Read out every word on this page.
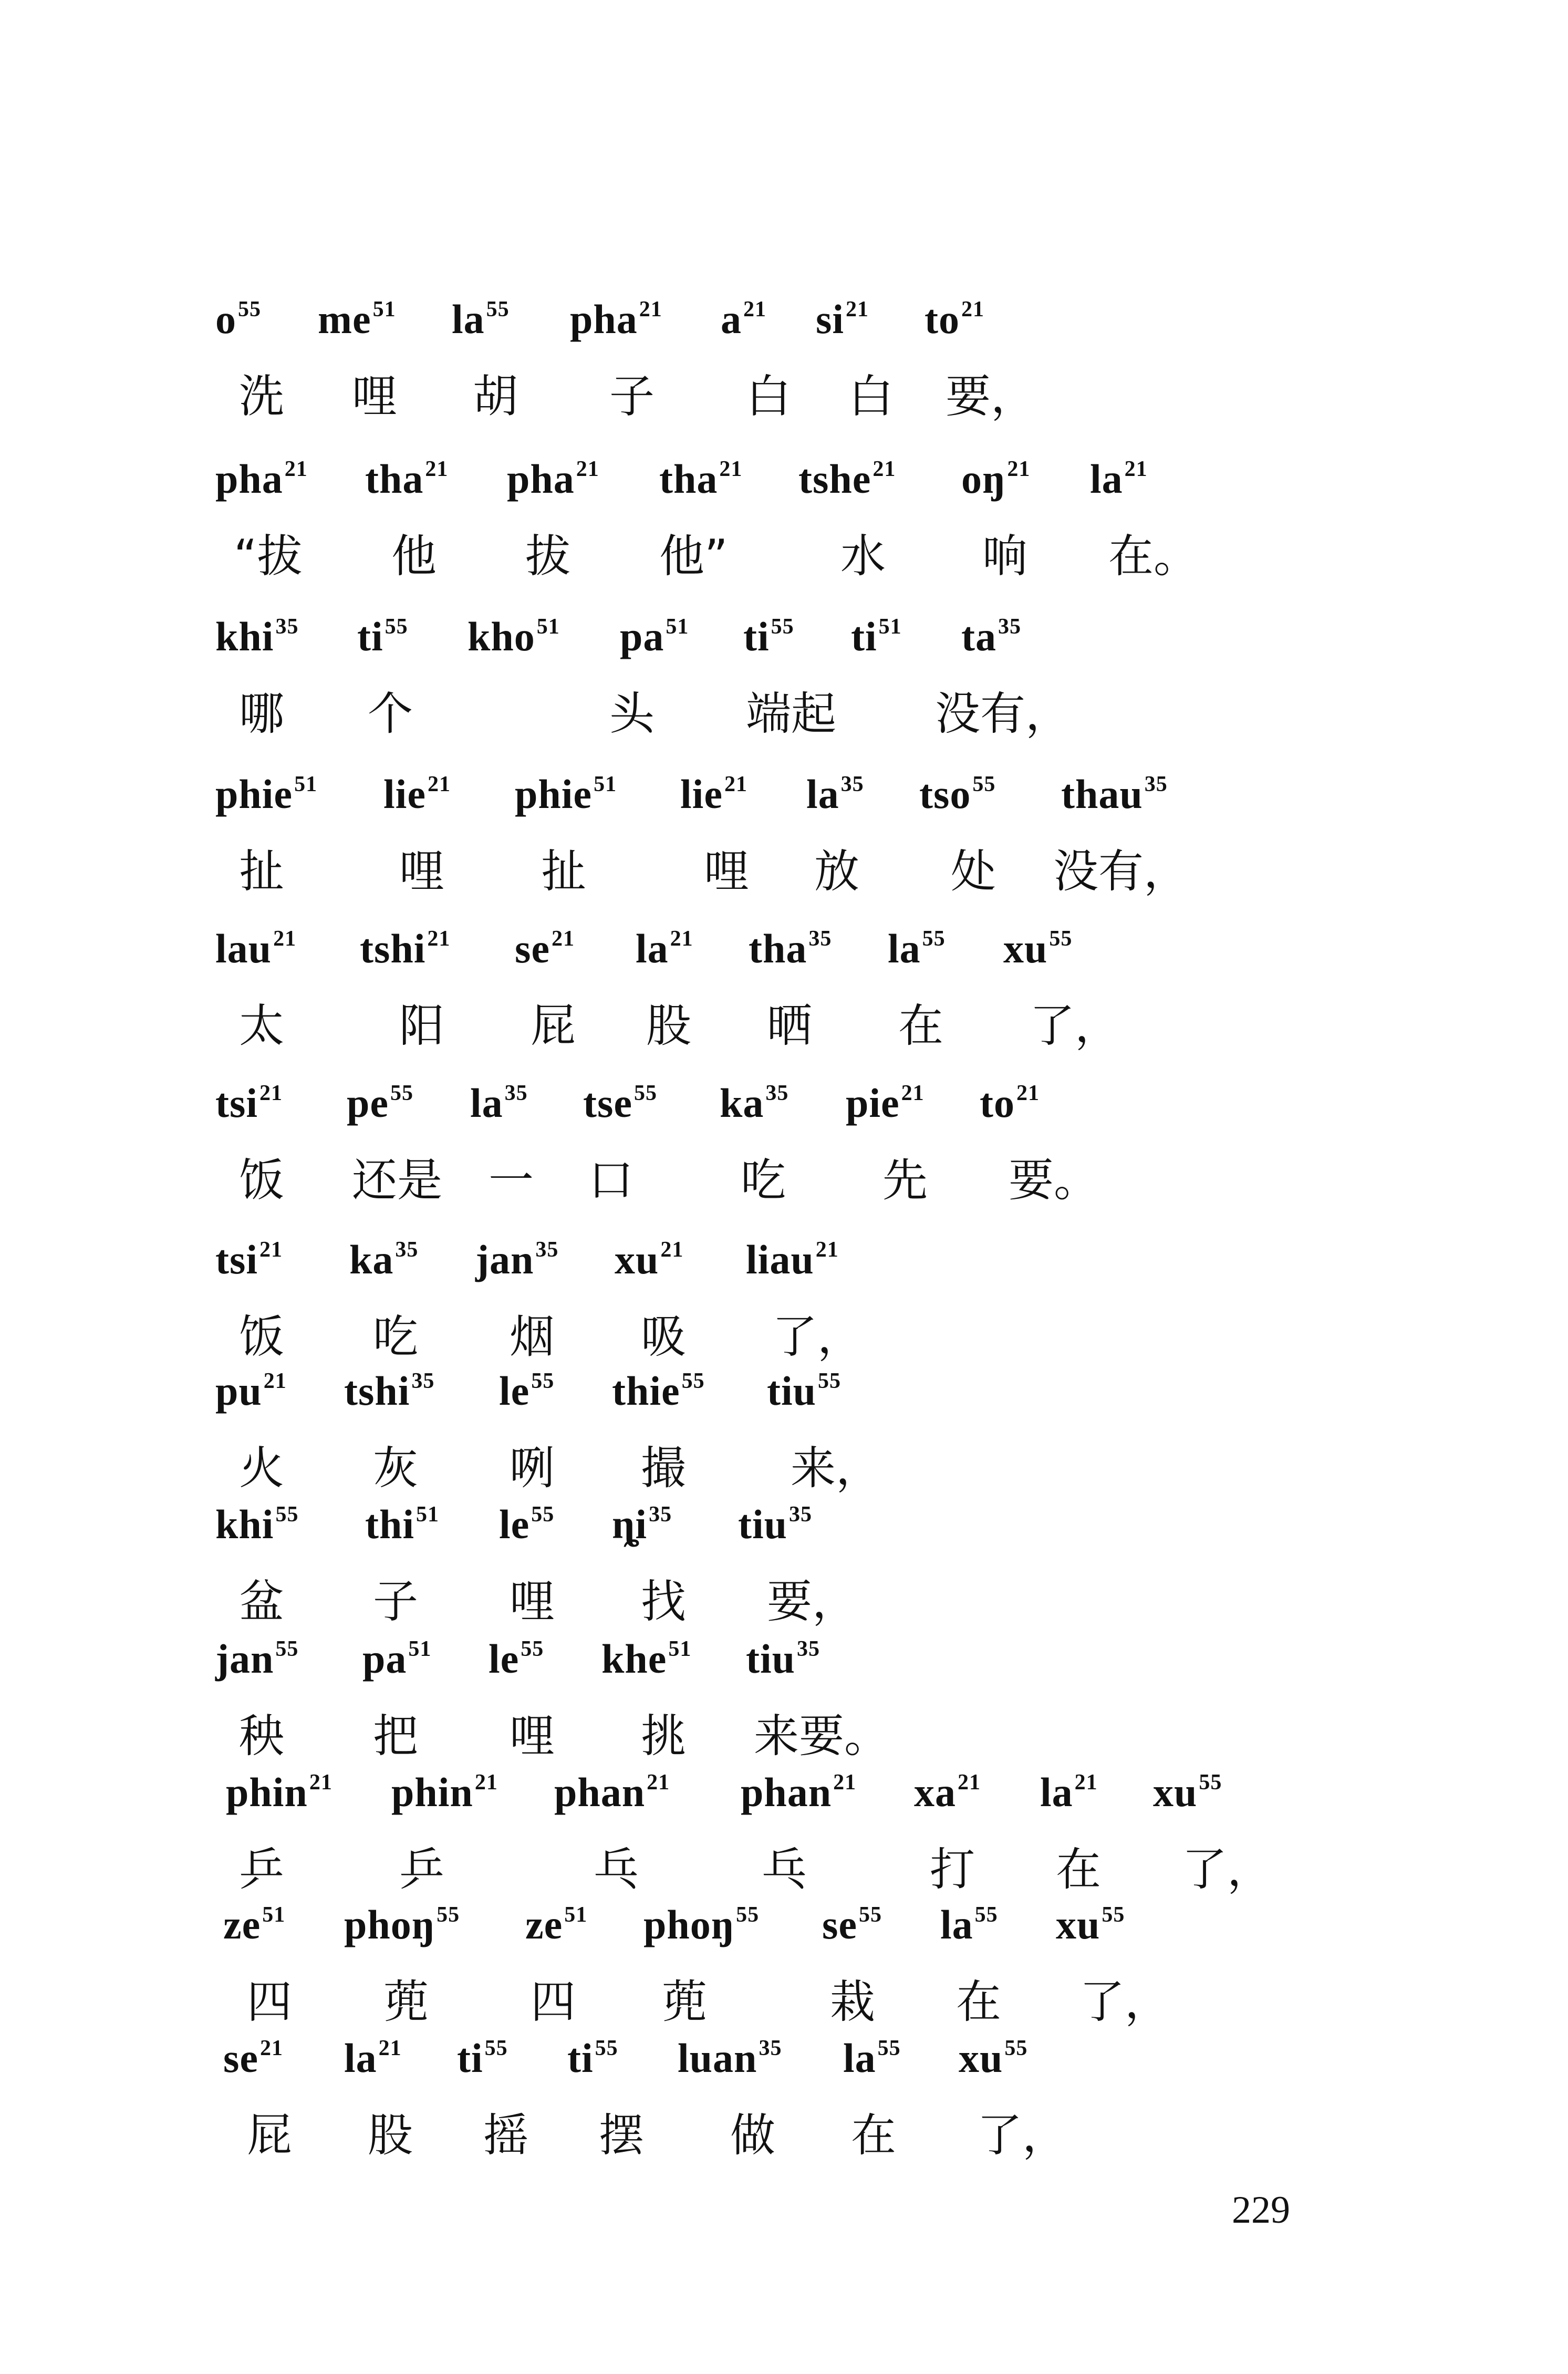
$o^{55}$ $me^{51}$ $la^{55}$ pha$^{21}$ $a^{21}$ $si^{21}$ $to^{21}$
洗 哩 胡 子 白 白 要，
pha$^{21}$ tha$^{21}$ pha$^{21}$ tha$^{21}$ tshe$^{21}$ $oŋ^{21}$ $la^{21}$
“拔 他 拔 他” 水 响 在。
khi$^{35}$ $ti^{55}$ kho$^{51}$ $pa^{51}$ $ti^{55}$ $ti^{51}$ $ta^{35}$
哪 个	头 端起 没有，
phie$^{51}$ lie$^{21}$ phie$^{51}$ lie$^{21}$ $la^{35}$ tso$^{55}$ thau$^{35}$
扯	哩 扯	哩 放 处 没有，
lau$^{21}$ tshi$^{21}$ $se^{21}$ $la^{21}$ tha$^{35}$ $la^{55}$ $xu^{55}$
太	阳 屁 股 晒 在 了，
tsi$^{21}$ $pe^{55}$ $la^{35}$ tse$^{55}$ $ka^{35}$ pie$^{21}$ $to^{21}$
饭 还是 一 口 吃 先 要。
tsi$^{21}$ $ka^{35}$ jan$^{35}$ $xu^{21}$ liau$^{21}$
饭 吃 烟 吸 了，
$pu^{21}$ tshi$^{35}$ $le^{55}$ thie$^{55}$ tiu$^{55}$
火 灰 咧 撮 来，
khi$^{55}$ thi$^{51}$ $le^{55}$ $ȵi^{35}$ tiu$^{35}$
盆 子 哩 找 要，
jan$^{55}$ $pa^{51}$ $le^{55}$ khe$^{51}$ tiu$^{35}$
秧 把 哩 挑 来要。
phin$^{21}$ phin$^{21}$ phan$^{21}$ phan$^{21}$ $xa^{21}$ $la^{21}$ $xu^{55}$
乒	乒	乓	乓	打 在 了，
$ze^{51}$ phoŋ$^{55}$ $ze^{51}$ phoŋ$^{55}$ $se^{55}$ $la^{55}$ $xu^{55}$
四 蔸 四 蔸	栽 在 了，
$se^{21}$ $la^{21}$ $ti^{55}$ $ti^{55}$ luan$^{35}$ $la^{55}$ $xu^{55}$
屁 股 摇 摆 做 在 了，
229
